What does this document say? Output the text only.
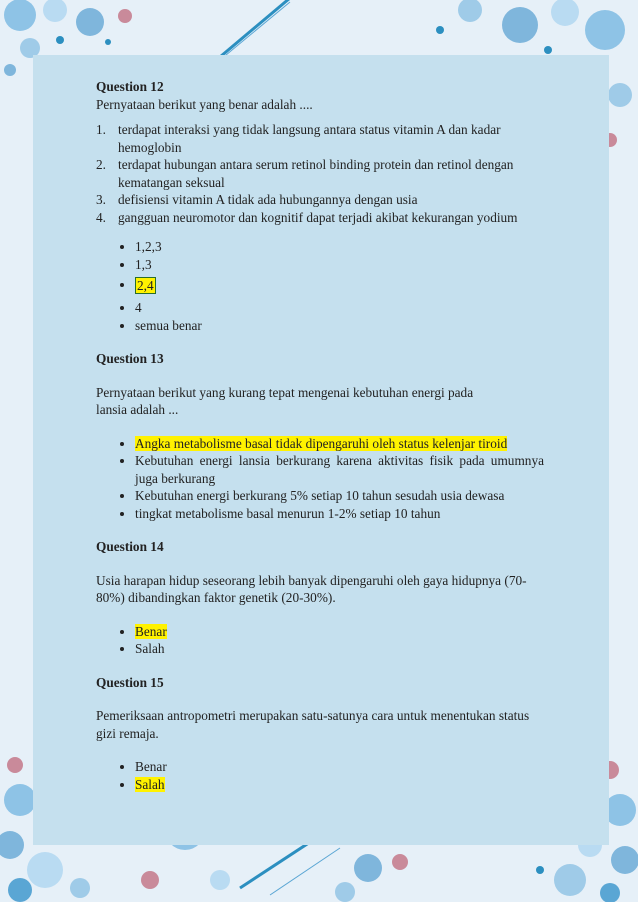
Question 12

Pernyataan berikut yang benar adalah ....

1. terdapat interaksi yang tidak langsung antara status vitamin A dan kadar hemoglobin
2. terdapat hubungan antara serum retinol binding protein dan retinol dengan kematangan seksual
3. defisiensi vitamin A tidak ada hubungannya dengan usia
4. gangguan neuromotor dan kognitif dapat terjadi akibat kekurangan yodium
1,2,3
1,3
2,4
4
semua benar

Question 13

Pernyataan berikut yang kurang tepat mengenai kebutuhan energi pada lansia adalah ...

Angka metabolisme basal tidak dipengaruhi oleh status kelenjar tiroid
Kebutuhan energi lansia berkurang karena aktivitas fisik pada umumnya juga berkurang
Kebutuhan energi berkurang 5% setiap 10 tahun sesudah usia dewasa
tingkat metabolisme basal menurun 1-2% setiap 10 tahun

Question 14

Usia harapan hidup seseorang lebih banyak dipengaruhi oleh gaya hidupnya (70-80%) dibandingkan faktor genetik (20-30%).

Benar
Salah

Question 15

Pemeriksaan antropometri merupakan satu-satunya cara untuk menentukan status gizi remaja.

Benar
Salah
